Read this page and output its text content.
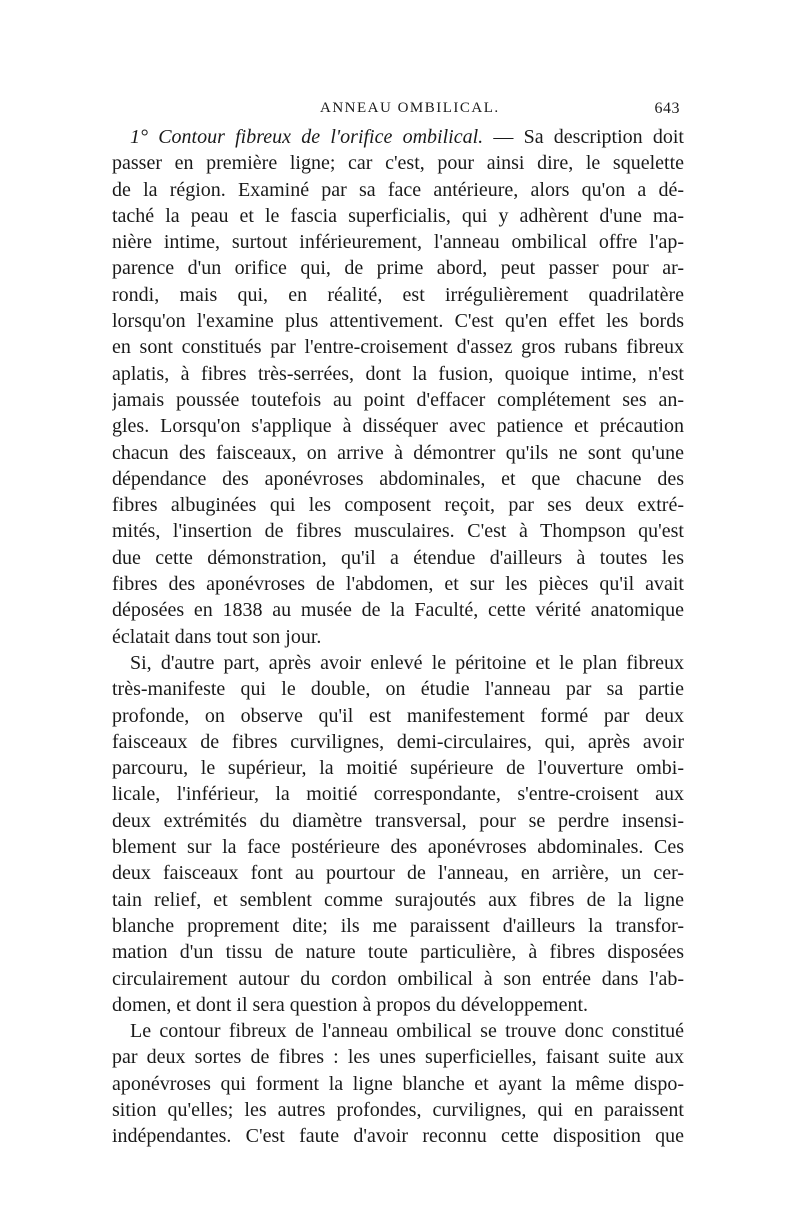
ANNEAU OMBILICAL.	643
1° Contour fibreux de l'orifice ombilical. — Sa description doit
passer en première ligne; car c'est, pour ainsi dire, le squelette
de la région. Examiné par sa face antérieure, alors qu'on a dé-
taché la peau et le fascia superficialis, qui y adhèrent d'une ma-
nière intime, surtout inférieurement, l'anneau ombilical offre l'ap-
parence d'un orifice qui, de prime abord, peut passer pour ar-
rondi, mais qui, en réalité, est irrégulièrement quadrilatère
lorsqu'on l'examine plus attentivement. C'est qu'en effet les bords
en sont constitués par l'entre-croisement d'assez gros rubans fibreux
aplatis, à fibres très-serrées, dont la fusion, quoique intime, n'est
jamais poussée toutefois au point d'effacer complétement ses an-
gles. Lorsqu'on s'applique à disséquer avec patience et précaution
chacun des faisceaux, on arrive à démontrer qu'ils ne sont qu'une
dépendance des aponévroses abdominales, et que chacune des
fibres albuginées qui les composent reçoit, par ses deux extré-
mités, l'insertion de fibres musculaires. C'est à Thompson qu'est
due cette démonstration, qu'il a étendue d'ailleurs à toutes les
fibres des aponévroses de l'abdomen, et sur les pièces qu'il avait
déposées en 1838 au musée de la Faculté, cette vérité anatomique
éclatait dans tout son jour.
Si, d'autre part, après avoir enlevé le péritoine et le plan fibreux
très-manifeste qui le double, on étudie l'anneau par sa partie
profonde, on observe qu'il est manifestement formé par deux
faisceaux de fibres curvilignes, demi-circulaires, qui, après avoir
parcouru, le supérieur, la moitié supérieure de l'ouverture ombi-
licale, l'inférieur, la moitié correspondante, s'entre-croisent aux
deux extrémités du diamètre transversal, pour se perdre insensi-
blement sur la face postérieure des aponévroses abdominales. Ces
deux faisceaux font au pourtour de l'anneau, en arrière, un cer-
tain relief, et semblent comme surajoutés aux fibres de la ligne
blanche proprement dite; ils me paraissent d'ailleurs la transfor-
mation d'un tissu de nature toute particulière, à fibres disposées
circulairement autour du cordon ombilical à son entrée dans l'ab-
domen, et dont il sera question à propos du développement.
Le contour fibreux de l'anneau ombilical se trouve donc constitué
par deux sortes de fibres : les unes superficielles, faisant suite aux
aponévroses qui forment la ligne blanche et ayant la même dispo-
sition qu'elles; les autres profondes, curvilignes, qui en paraissent
indépendantes. C'est faute d'avoir reconnu cette disposition que
